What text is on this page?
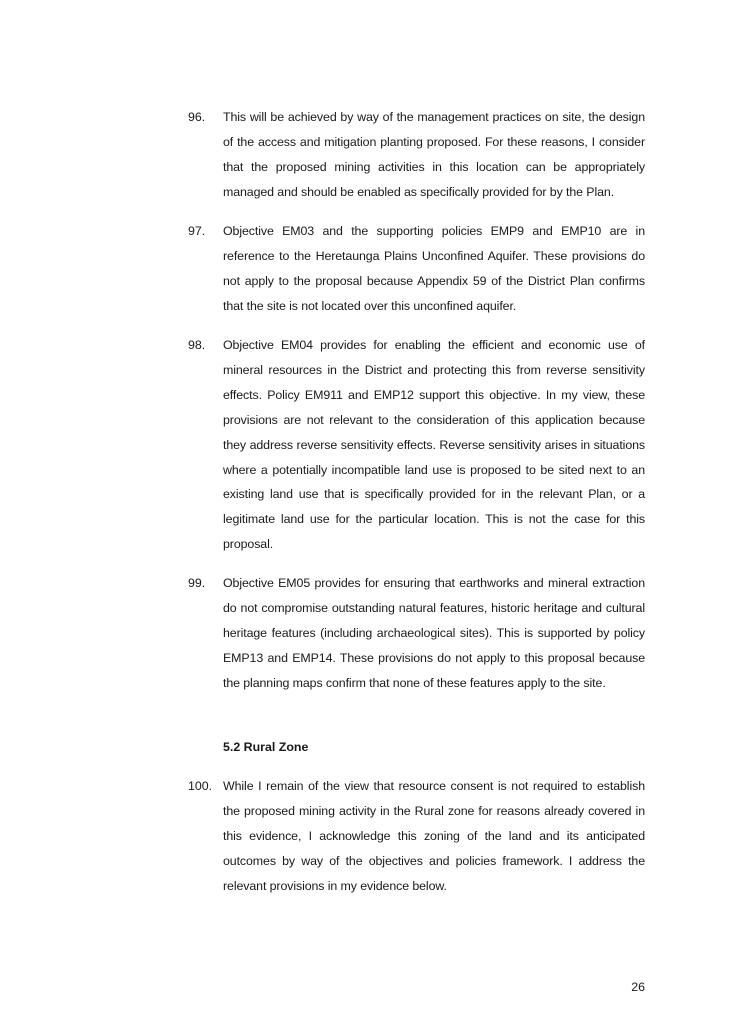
96. This will be achieved by way of the management practices on site, the design of the access and mitigation planting proposed. For these reasons, I consider that the proposed mining activities in this location can be appropriately managed and should be enabled as specifically provided for by the Plan.
97. Objective EM03 and the supporting policies EMP9 and EMP10 are in reference to the Heretaunga Plains Unconfined Aquifer. These provisions do not apply to the proposal because Appendix 59 of the District Plan confirms that the site is not located over this unconfined aquifer.
98. Objective EM04 provides for enabling the efficient and economic use of mineral resources in the District and protecting this from reverse sensitivity effects. Policy EM911 and EMP12 support this objective. In my view, these provisions are not relevant to the consideration of this application because they address reverse sensitivity effects. Reverse sensitivity arises in situations where a potentially incompatible land use is proposed to be sited next to an existing land use that is specifically provided for in the relevant Plan, or a legitimate land use for the particular location. This is not the case for this proposal.
99. Objective EM05 provides for ensuring that earthworks and mineral extraction do not compromise outstanding natural features, historic heritage and cultural heritage features (including archaeological sites). This is supported by policy EMP13 and EMP14. These provisions do not apply to this proposal because the planning maps confirm that none of these features apply to the site.
5.2 Rural Zone
100. While I remain of the view that resource consent is not required to establish the proposed mining activity in the Rural zone for reasons already covered in this evidence, I acknowledge this zoning of the land and its anticipated outcomes by way of the objectives and policies framework. I address the relevant provisions in my evidence below.
26
